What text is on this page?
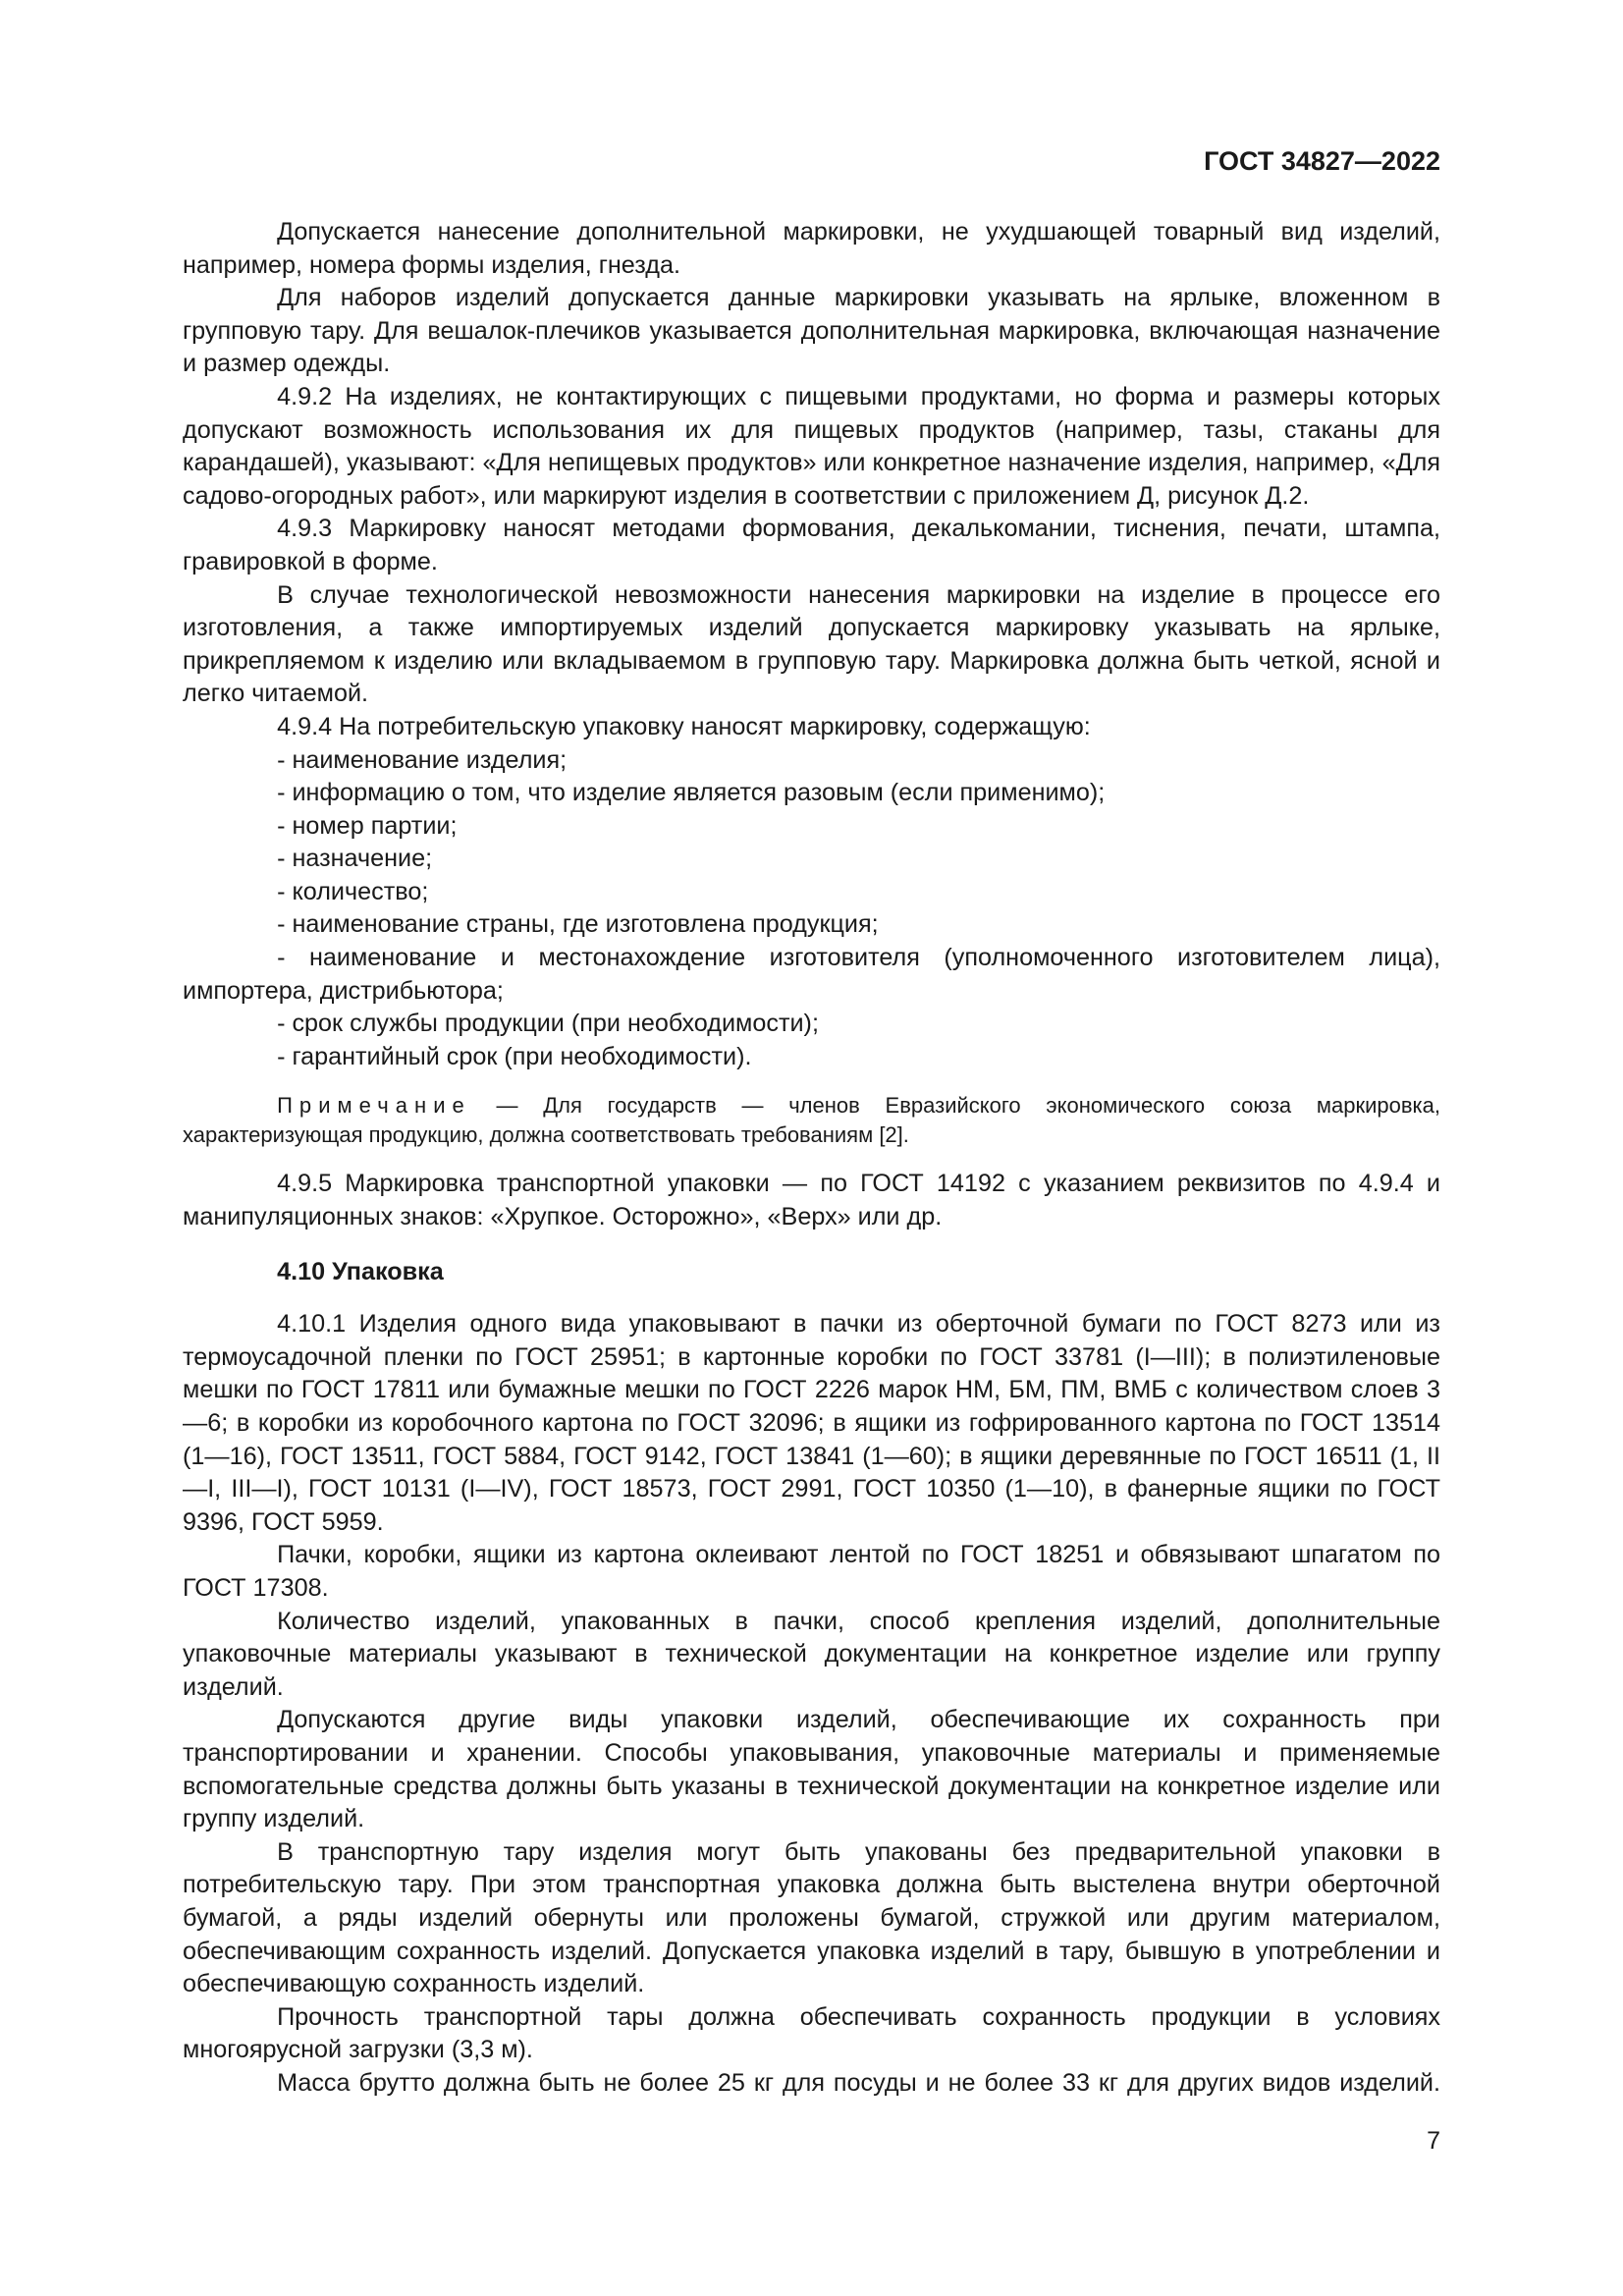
ГОСТ 34827—2022
Допускается нанесение дополнительной маркировки, не ухудшающей товарный вид изделий, например, номера формы изделия, гнезда.
Для наборов изделий допускается данные маркировки указывать на ярлыке, вложенном в групповую тару. Для вешалок-плечиков указывается дополнительная маркировка, включающая назначение и размер одежды.
4.9.2 На изделиях, не контактирующих с пищевыми продуктами, но форма и размеры которых допускают возможность использования их для пищевых продуктов (например, тазы, стаканы для карандашей), указывают: «Для непищевых продуктов» или конкретное назначение изделия, например, «Для садово-огородных работ», или маркируют изделия в соответствии с приложением Д, рисунок Д.2.
4.9.3 Маркировку наносят методами формования, декалькомании, тиснения, печати, штампа, гравировкой в форме.
В случае технологической невозможности нанесения маркировки на изделие в процессе его изготовления, а также импортируемых изделий допускается маркировку указывать на ярлыке, прикрепляемом к изделию или вкладываемом в групповую тару. Маркировка должна быть четкой, ясной и легко читаемой.
4.9.4 На потребительскую упаковку наносят маркировку, содержащую:
- наименование изделия;
- информацию о том, что изделие является разовым (если применимо);
- номер партии;
- назначение;
- количество;
- наименование страны, где изготовлена продукция;
- наименование и местонахождение изготовителя (уполномоченного изготовителем лица), импортера, дистрибьютора;
- срок службы продукции (при необходимости);
- гарантийный срок (при необходимости).
Примечание — Для государств — членов Евразийского экономического союза маркировка, характеризующая продукцию, должна соответствовать требованиям [2].
4.9.5 Маркировка транспортной упаковки — по ГОСТ 14192 с указанием реквизитов по 4.9.4 и манипуляционных знаков: «Хрупкое. Осторожно», «Верх» или др.
4.10 Упаковка
4.10.1 Изделия одного вида упаковывают в пачки из оберточной бумаги по ГОСТ 8273 или из термоусадочной пленки по ГОСТ 25951; в картонные коробки по ГОСТ 33781 (I—III); в полиэтиленовые мешки по ГОСТ 17811 или бумажные мешки по ГОСТ 2226 марок НМ, БМ, ПМ, ВМБ с количеством слоев 3—6; в коробки из коробочного картона по ГОСТ 32096; в ящики из гофрированного картона по ГОСТ 13514 (1—16), ГОСТ 13511, ГОСТ 5884, ГОСТ 9142, ГОСТ 13841 (1—60); в ящики деревянные по ГОСТ 16511 (1, II—I, III—I), ГОСТ 10131 (I—IV), ГОСТ 18573, ГОСТ 2991, ГОСТ 10350 (1—10), в фанерные ящики по ГОСТ 9396, ГОСТ 5959.
Пачки, коробки, ящики из картона оклеивают лентой по ГОСТ 18251 и обвязывают шпагатом по ГОСТ 17308.
Количество изделий, упакованных в пачки, способ крепления изделий, дополнительные упаковочные материалы указывают в технической документации на конкретное изделие или группу изделий.
Допускаются другие виды упаковки изделий, обеспечивающие их сохранность при транспортировании и хранении. Способы упаковывания, упаковочные материалы и применяемые вспомогательные средства должны быть указаны в технической документации на конкретное изделие или группу изделий.
В транспортную тару изделия могут быть упакованы без предварительной упаковки в потребительскую тару. При этом транспортная упаковка должна быть выстелена внутри оберточной бумагой, а ряды изделий обернуты или проложены бумагой, стружкой или другим материалом, обеспечивающим сохранность изделий. Допускается упаковка изделий в тару, бывшую в употреблении и обеспечивающую сохранность изделий.
Прочность транспортной тары должна обеспечивать сохранность продукции в условиях многоярусной загрузки (3,3 м).
Масса брутто должна быть не более 25 кг для посуды и не более 33 кг для других видов изделий.
7
